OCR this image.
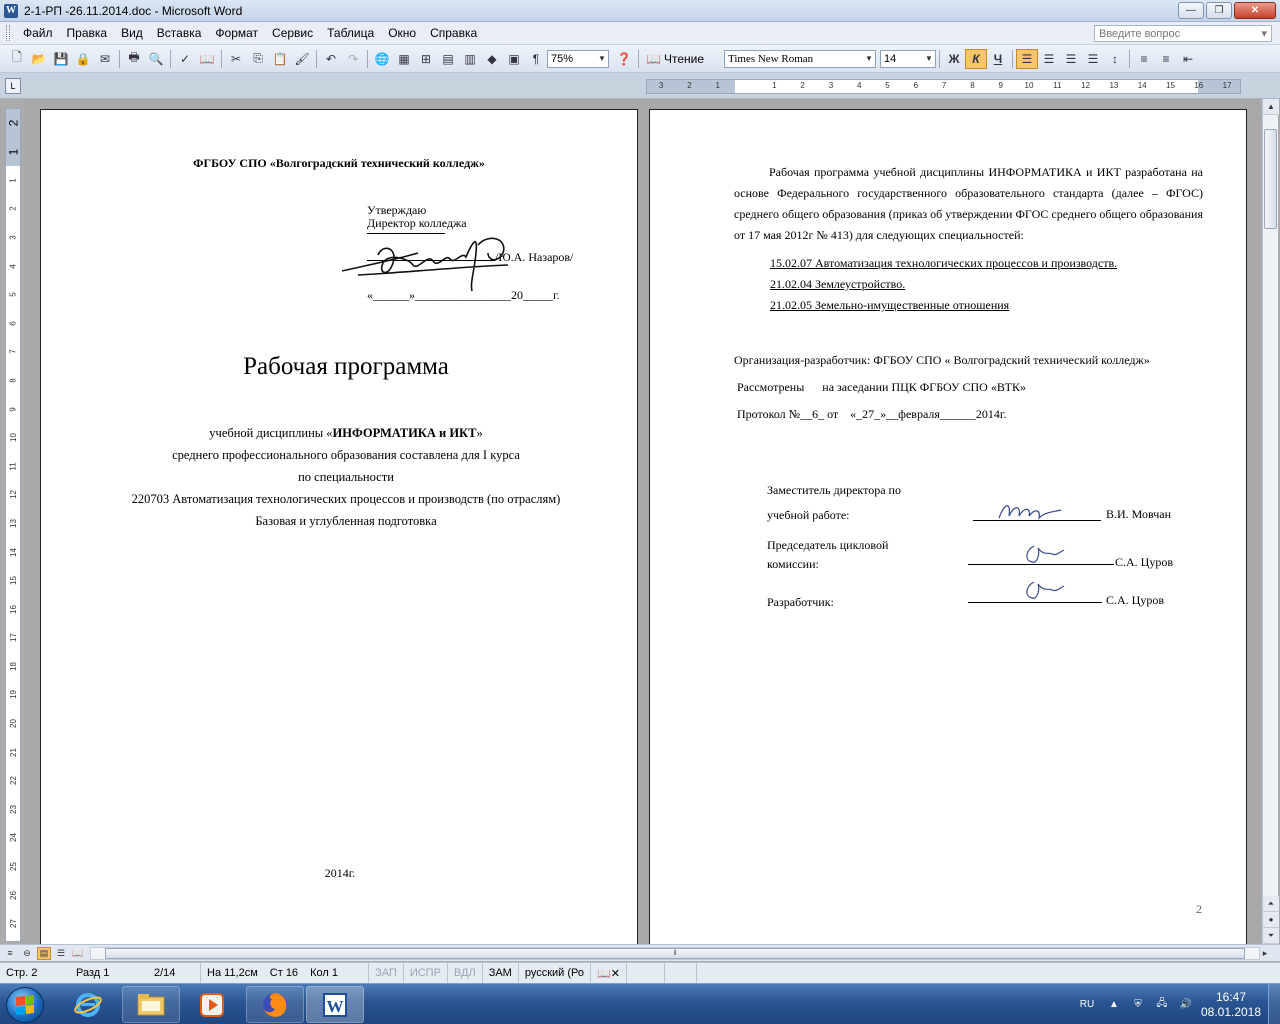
W 2-1-РП -26.11.2014.doc - Microsoft Word	—	❐	✕
Файл	Правка	Вид	Вставка	Формат	Сервис	Таблица	Окно	Справка	Введите вопрос	▾
🗋 📂 💾 🔒 ✉	🖶 🔍	✓ 📖	✂	⎘ 📋 🖌	↶ ↷	🌐 ▦ ⊞ ▤ ▥ ◆ ▣	¶	75%	▼ ❓ 📖 Чтение Times New Roman	▼ 14	▼	Ж	К	Ч	☰ ☰ ☰ ☰	↕	≡	≡	⇤
L	3	2	1	1	2	3	4	5	6	7	8	9	10	11	12	13	14	15	16	17
2
1
1
2
3
4
5
6
7
8
9
10
11
12
13
14
15
16
17
18
19
20
21
22
23
24
25
26
27
ФГБОУ СПО «Волгоградский технический колледж»
Утверждаю
Директор колледжа
/Ю.А. Назаров/
«______»________________20_____г.
Рабочая программа
учебной дисциплины «ИНФОРМАТИКА и ИКТ»
среднего профессионального образования составлена для I курса
по специальности
220703 Автоматизация технологических процессов и производств (по отраслям)
Базовая и углубленная подготовка
2014г.
Рабочая программа учебной дисциплины ИНФОРМАТИКА и ИКТ разработана на основе Федерального государственного образовательного стандарта (далее – ФГОС) среднего общего образования (приказ об утверждении ФГОС среднего общего образования от 17 мая 2012г № 413) для следующих специальностей:
15.02.07 Автоматизация технологических процессов и производств.
21.02.04 Землеустройство.
21.02.05 Земельно-имущественные отношения
Организация-разработчик: ФГБОУ СПО « Волгоградский технический колледж»
Рассмотрены      на заседании ПЦК ФГБОУ СПО «ВТК»
Протокол №__6_ от    «_27_»__февраля______2014г.
Заместитель директора по
учебной работе:	В.И. Мовчан
Председатель цикловой
комиссии:	С.А. Цуров
Разработчик:	С.А. Цуров
2
▲
⏶
●
⏷
≡	⊖ ▤ ☰ 📖	⦀	▸
Стр. 2	Разд 1	2/14	На 11,2см	Ст 16	Кол 1	ЗАП	ИСПР	ВДЛ	ЗАМ	русский (Ро	📖✕
W	RU	▲	⛨	🖧	🔊
16:47
08.01.2018
